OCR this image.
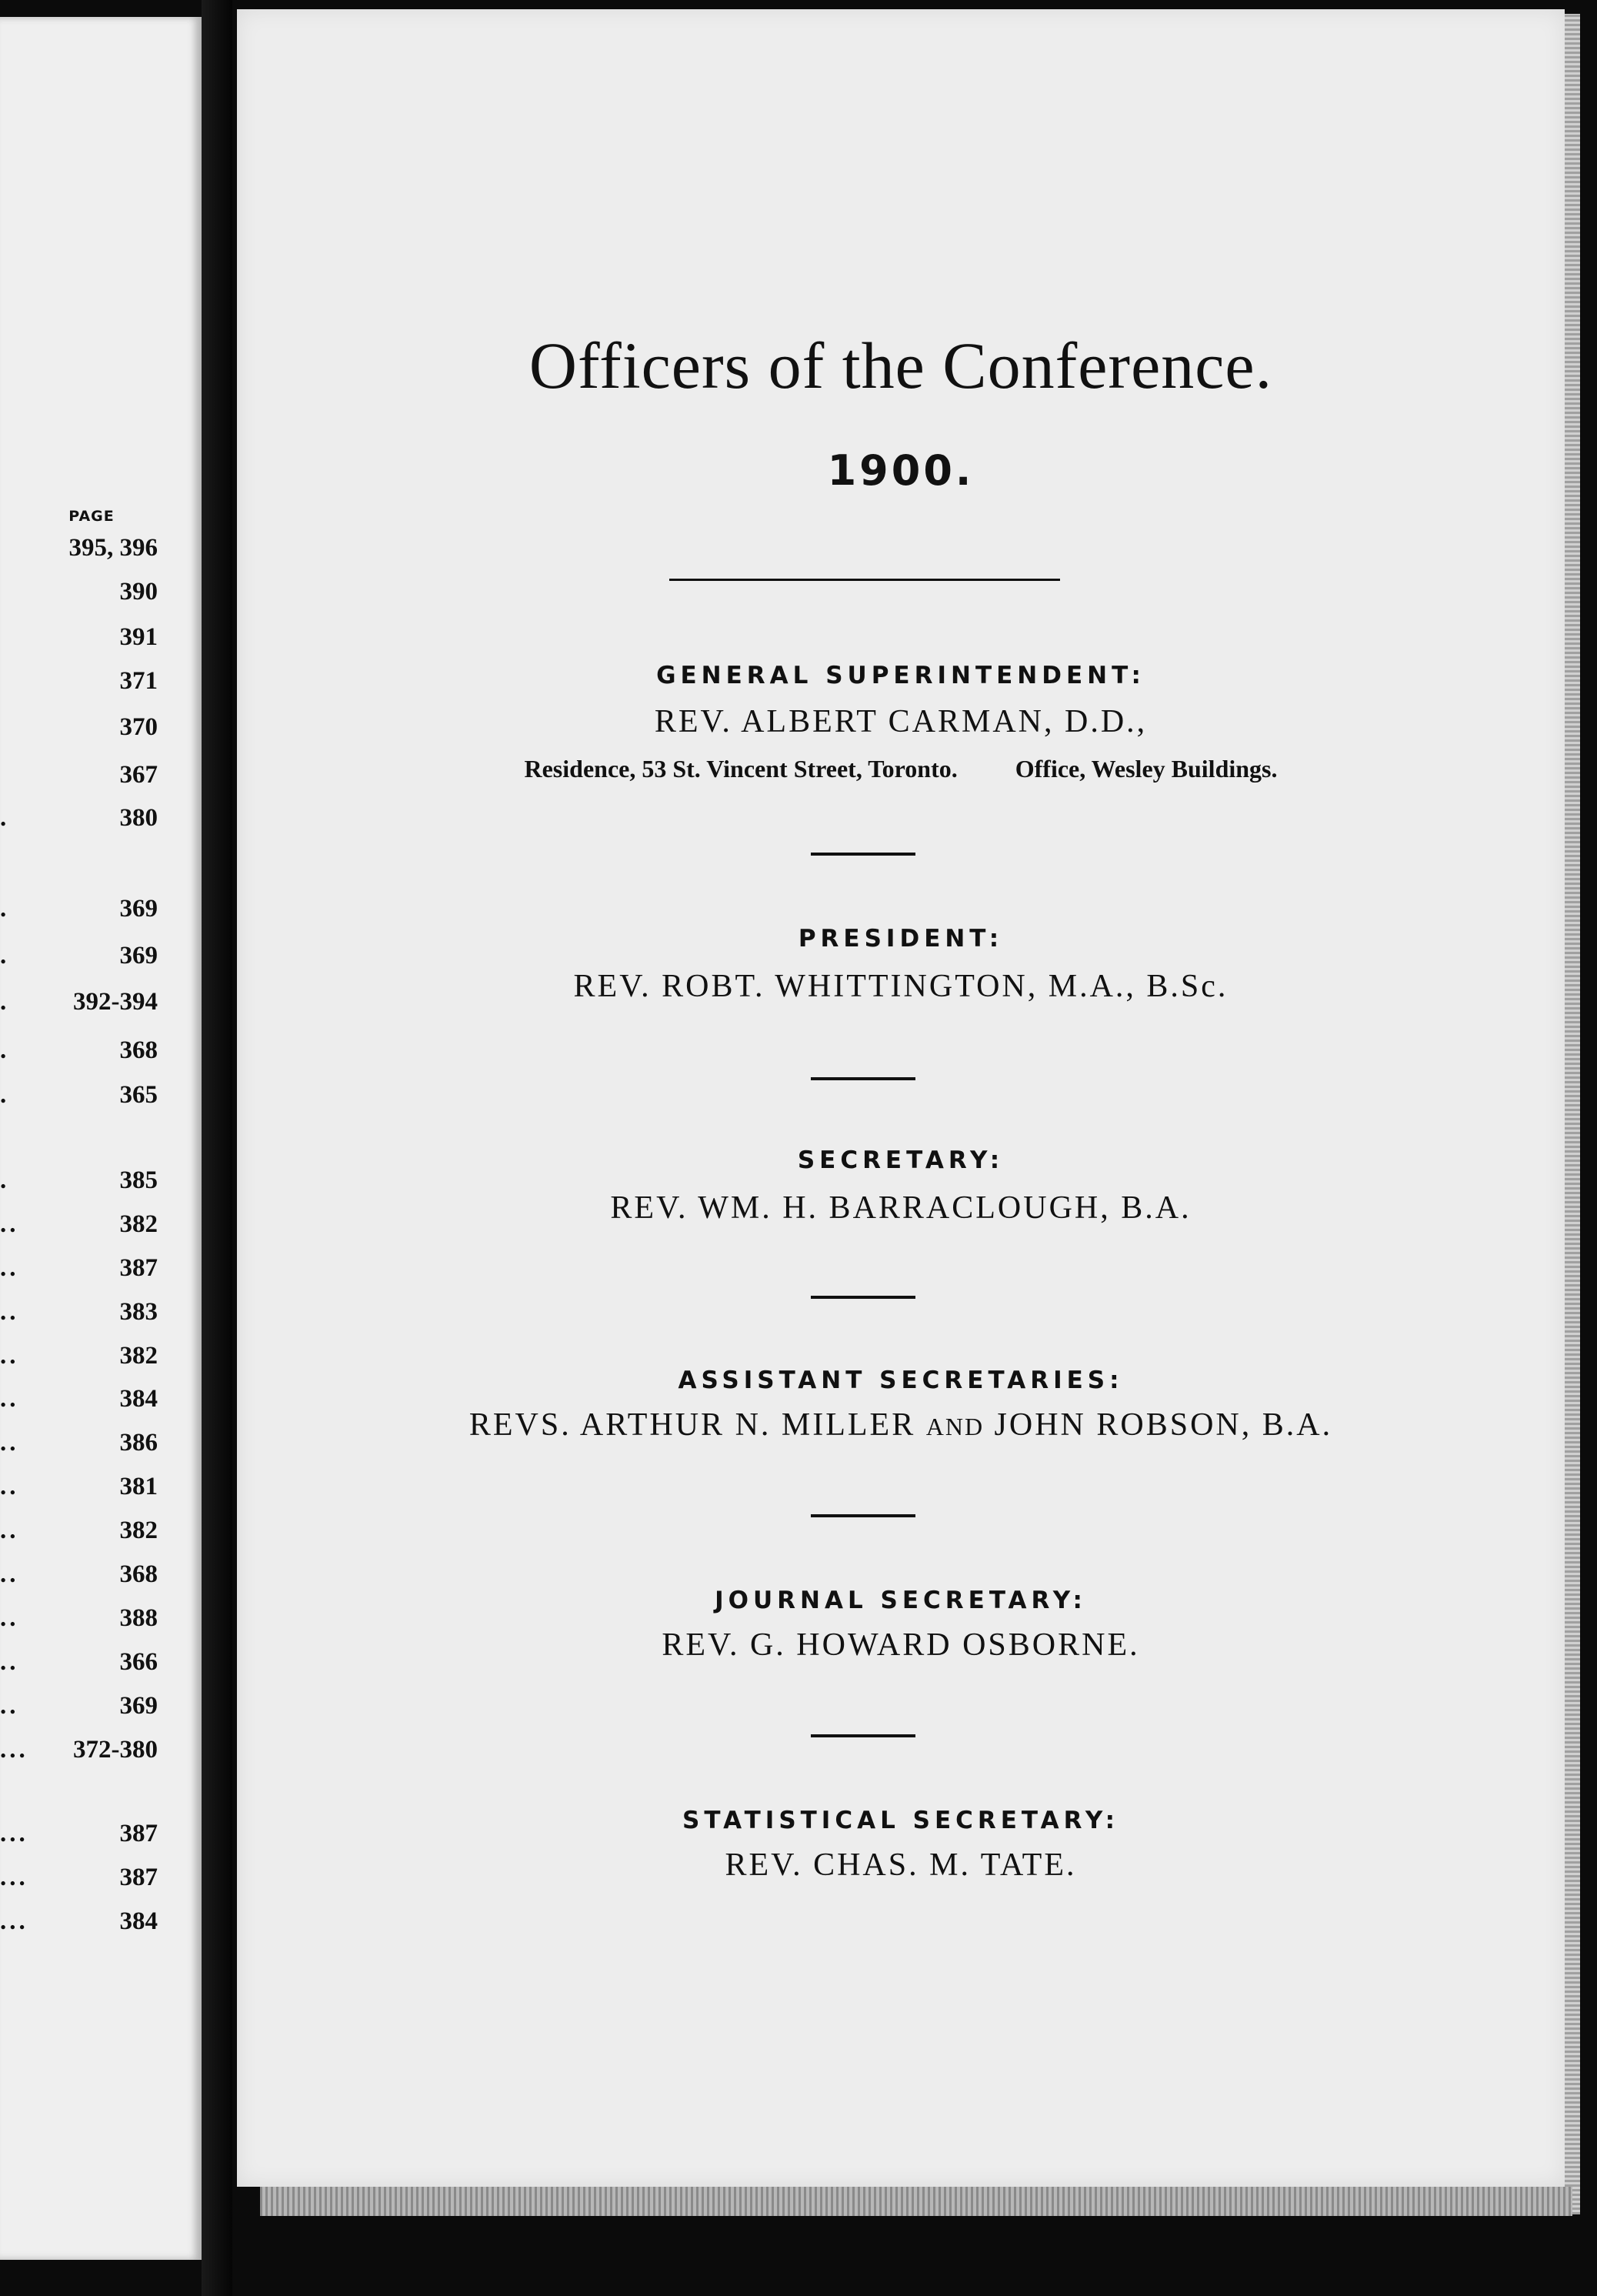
PAGE
395, 396
390
391
371
370
367
.	380
.	369
.	369
.	392-394
.	368
.	365
.	385
..	382
..	387
..	383
..	382
..	384
..	386
..	381
..	382
..	368
..	388
..	366
..	369
... 372-380
...	387
...	387
...	384
Officers of the Conference.
1900.
GENERAL SUPERINTENDENT:
REV. ALBERT CARMAN, D.D.,
Residence, 53 St. Vincent Street, Toronto. Office, Wesley Buildings.
PRESIDENT:
REV. ROBT. WHITTINGTON, M.A., B.Sc.
SECRETARY:
REV. WM. H. BARRACLOUGH, B.A.
ASSISTANT SECRETARIES:
REVS. ARTHUR N. MILLER AND JOHN ROBSON, B.A.
JOURNAL SECRETARY:
REV. G. HOWARD OSBORNE.
STATISTICAL SECRETARY:
REV. CHAS. M. TATE.
